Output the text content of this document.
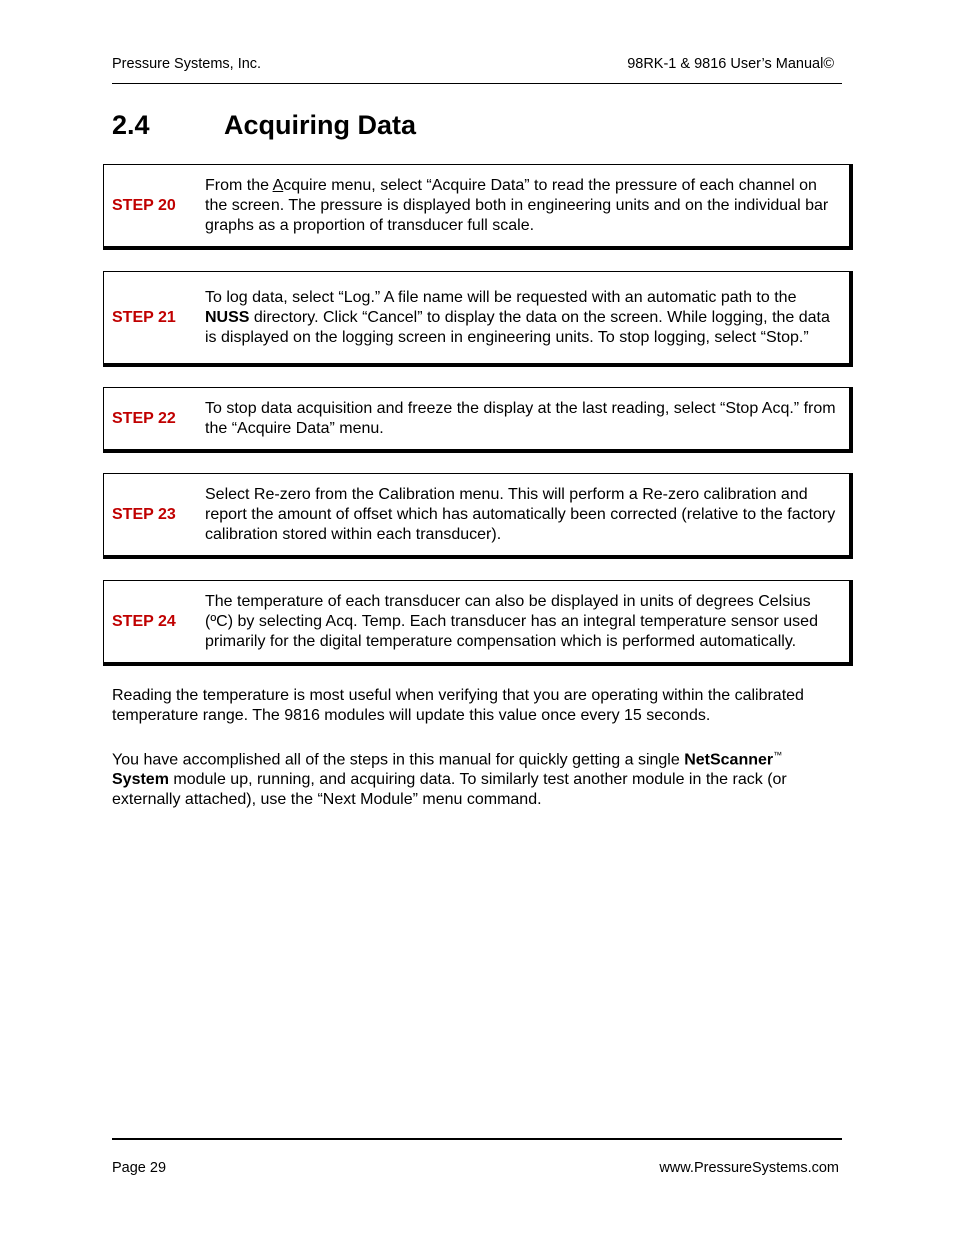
Pressure Systems, Inc.	98RK-1 & 9816 User’s Manual©
2.4	Acquiring Data
STEP 20
From the Acquire menu, select “Acquire Data” to read the pressure of each channel on the screen. The pressure is displayed both in engineering units and on the individual bar graphs as a proportion of transducer full scale.
STEP 21
To log data, select “Log.” A file name will be requested with an automatic path to the NUSS directory. Click “Cancel” to display the data on the screen. While logging, the data is displayed on the logging screen in engineering units. To stop logging, select “Stop.”
STEP 22
To stop data acquisition and freeze the display at the last reading, select “Stop Acq.” from the “Acquire Data” menu.
STEP 23
Select Re-zero from the Calibration menu. This will perform a Re-zero calibration and report the amount of offset which has automatically been corrected (relative to the factory calibration stored within each transducer).
STEP 24
The temperature of each transducer can also be displayed in units of degrees Celsius (ºC) by selecting Acq. Temp. Each transducer has an integral temperature sensor used primarily for the digital temperature compensation which is performed automatically.
Reading the temperature is most useful when verifying that you are operating within the calibrated temperature range. The 9816 modules will update this value once every 15 seconds.
You have accomplished all of the steps in this manual for quickly getting a single NetScanner™
System module up, running, and acquiring data. To similarly test another module in the rack (or externally attached), use the “Next Module” menu command.
Page 29	www.PressureSystems.com
